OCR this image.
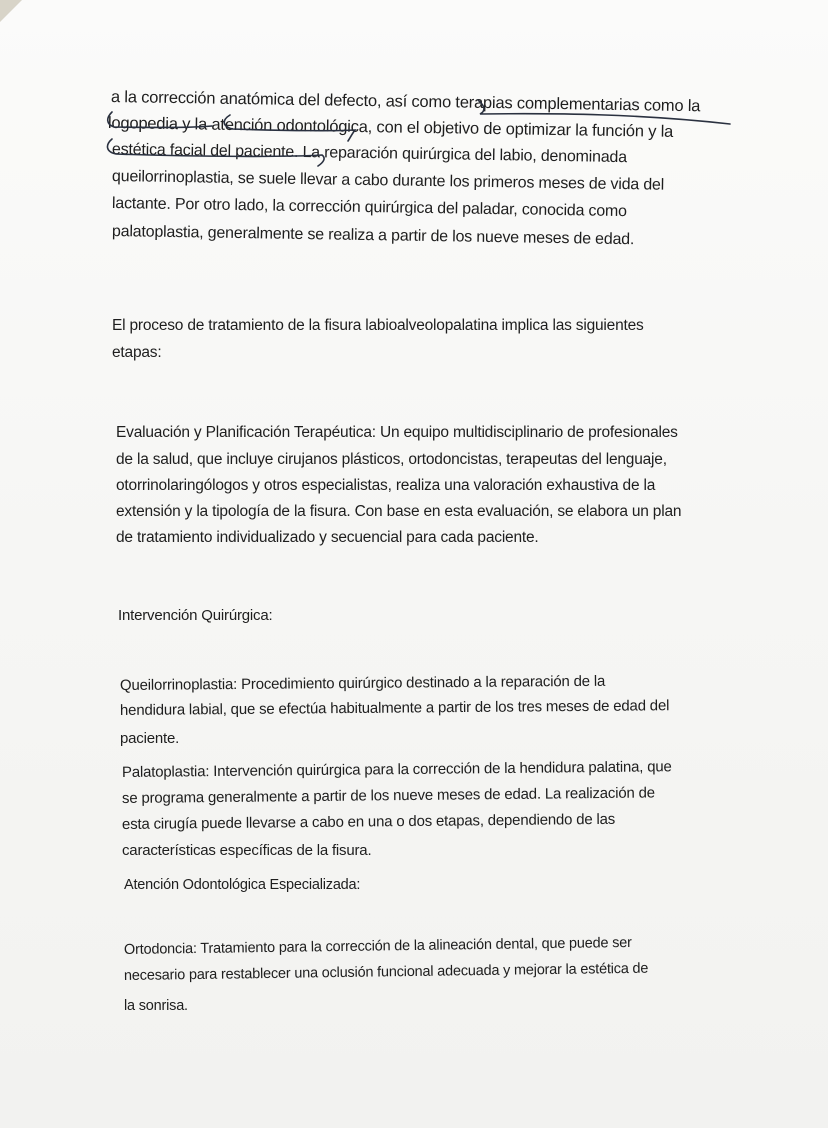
a la corrección anatómica del defecto, así como terapias complementarias como la
logopedia y la atención odontológica, con el objetivo de optimizar la función y la
estética facial del paciente. La reparación quirúrgica del labio, denominada
queilorrinoplastia, se suele llevar a cabo durante los primeros meses de vida del
lactante. Por otro lado, la corrección quirúrgica del paladar, conocida como
palatoplastia, generalmente se realiza a partir de los nueve meses de edad.
El proceso de tratamiento de la fisura labioalveolopalatina implica las siguientes
etapas:
Evaluación y Planificación Terapéutica: Un equipo multidisciplinario de profesionales
de la salud, que incluye cirujanos plásticos, ortodoncistas, terapeutas del lenguaje,
otorrinolaringólogos y otros especialistas, realiza una valoración exhaustiva de la
extensión y la tipología de la fisura. Con base en esta evaluación, se elabora un plan
de tratamiento individualizado y secuencial para cada paciente.
Intervención Quirúrgica:
Queilorrinoplastia: Procedimiento quirúrgico destinado a la reparación de la
hendidura labial, que se efectúa habitualmente a partir de los tres meses de edad del
paciente.
Palatoplastia: Intervención quirúrgica para la corrección de la hendidura palatina, que
se programa generalmente a partir de los nueve meses de edad. La realización de
esta cirugía puede llevarse a cabo en una o dos etapas, dependiendo de las
características específicas de la fisura.
Atención Odontológica Especializada:
Ortodoncia: Tratamiento para la corrección de la alineación dental, que puede ser
necesario para restablecer una oclusión funcional adecuada y mejorar la estética de
la sonrisa.
